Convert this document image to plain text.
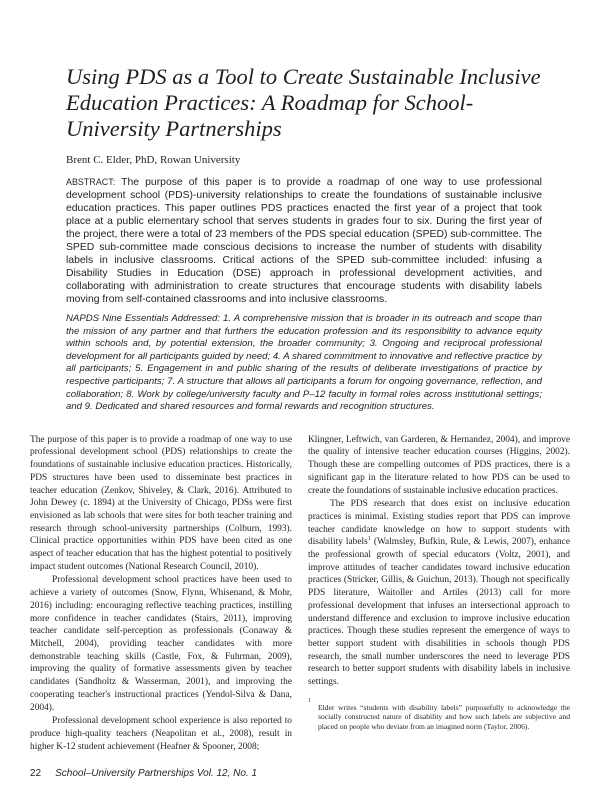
Using PDS as a Tool to Create Sustainable Inclusive Education Practices: A Roadmap for School-University Partnerships
Brent C. Elder, PhD, Rowan University

ABSTRACT: The purpose of this paper is to provide a roadmap of one way to use professional development school (PDS)-university relationships to create the foundations of sustainable inclusive education practices. This paper outlines PDS practices enacted the first year of a project that took place at a public elementary school that serves students in grades four to six. During the first year of the project, there were a total of 23 members of the PDS special education (SPED) sub-committee. The SPED sub-committee made conscious decisions to increase the number of students with disability labels in inclusive classrooms. Critical actions of the SPED sub-committee included: infusing a Disability Studies in Education (DSE) approach in professional development activities, and collaborating with administration to create structures that encourage students with disability labels moving from self-contained classrooms and into inclusive classrooms.

NAPDS Nine Essentials Addressed: 1. A comprehensive mission that is broader in its outreach and scope than the mission of any partner and that furthers the education profession and its responsibility to advance equity within schools and, by potential extension, the broader community; 3. Ongoing and reciprocal professional development for all participants guided by need; 4. A shared commitment to innovative and reflective practice by all participants; 5. Engagement in and public sharing of the results of deliberate investigations of practice by respective participants; 7. A structure that allows all participants a forum for ongoing governance, reflection, and collaboration; 8. Work by college/university faculty and P–12 faculty in formal roles across institutional settings; and 9. Dedicated and shared resources and formal rewards and recognition structures.

The purpose of this paper is to provide a roadmap of one way to use professional development school (PDS) relationships to create the foundations of sustainable inclusive education practices. Historically, PDS structures have been used to disseminate best practices in teacher education (Zenkov, Shiveley, & Clark, 2016). Attributed to John Dewey (c. 1894) at the University of Chicago, PDSs were first envisioned as lab schools that were sites for both teacher training and research through school-university partnerships (Colburn, 1993). Clinical practice opportunities within PDS have been cited as one aspect of teacher education that has the highest potential to positively impact student outcomes (National Research Council, 2010).

Professional development school practices have been used to achieve a variety of outcomes (Snow, Flynn, Whisenand, & Mohr, 2016) including: encouraging reflective teaching practices, instilling more confidence in teacher candidates (Stairs, 2011), improving teacher candidate self-perception as professionals (Conaway & Mitchell, 2004), providing teacher candidates with more demonstrable teaching skills (Castle, Fox, & Fuhrman, 2009), improving the quality of formative assessments given by teacher candidates (Sandholtz & Wasserman, 2001), and improving the cooperating teacher's instructional practices (Yendol-Silva & Dana, 2004).

Professional development school experience is also reported to produce high-quality teachers (Neapolitan et al., 2008), result in higher K-12 student achievement (Heafner & Spooner, 2008;

Klingner, Leftwich, van Garderen, & Hernandez, 2004), and improve the quality of intensive teacher education courses (Higgins, 2002). Though these are compelling outcomes of PDS practices, there is a significant gap in the literature related to how PDS can be used to create the foundations of sustainable inclusive education practices.

The PDS research that does exist on inclusive education practices is minimal. Existing studies report that PDS can improve teacher candidate knowledge on how to support students with disability labels$^1$ (Walmsley, Bufkin, Rule, & Lewis, 2007), enhance the professional growth of special educators (Voltz, 2001), and improve attitudes of teacher candidates toward inclusive education practices (Stricker, Gillis, & Guichun, 2013). Though not specifically PDS literature, Waitoller and Artiles (2013) call for more professional development that infuses an intersectional approach to understand difference and exclusion to improve inclusive education practices. Though these studies represent the emergence of ways to better support student with disabilities in schools though PDS research, the small number underscores the need to leverage PDS research to better support students with disability labels in inclusive settings.

1
Elder writes “students with disability labels” purposefully to acknowledge the socially constructed nature of disability and how such labels are subjective and placed on people who deviate from an imagined norm (Taylor, 2006).
22 School–University Partnerships Vol. 12, No. 1
